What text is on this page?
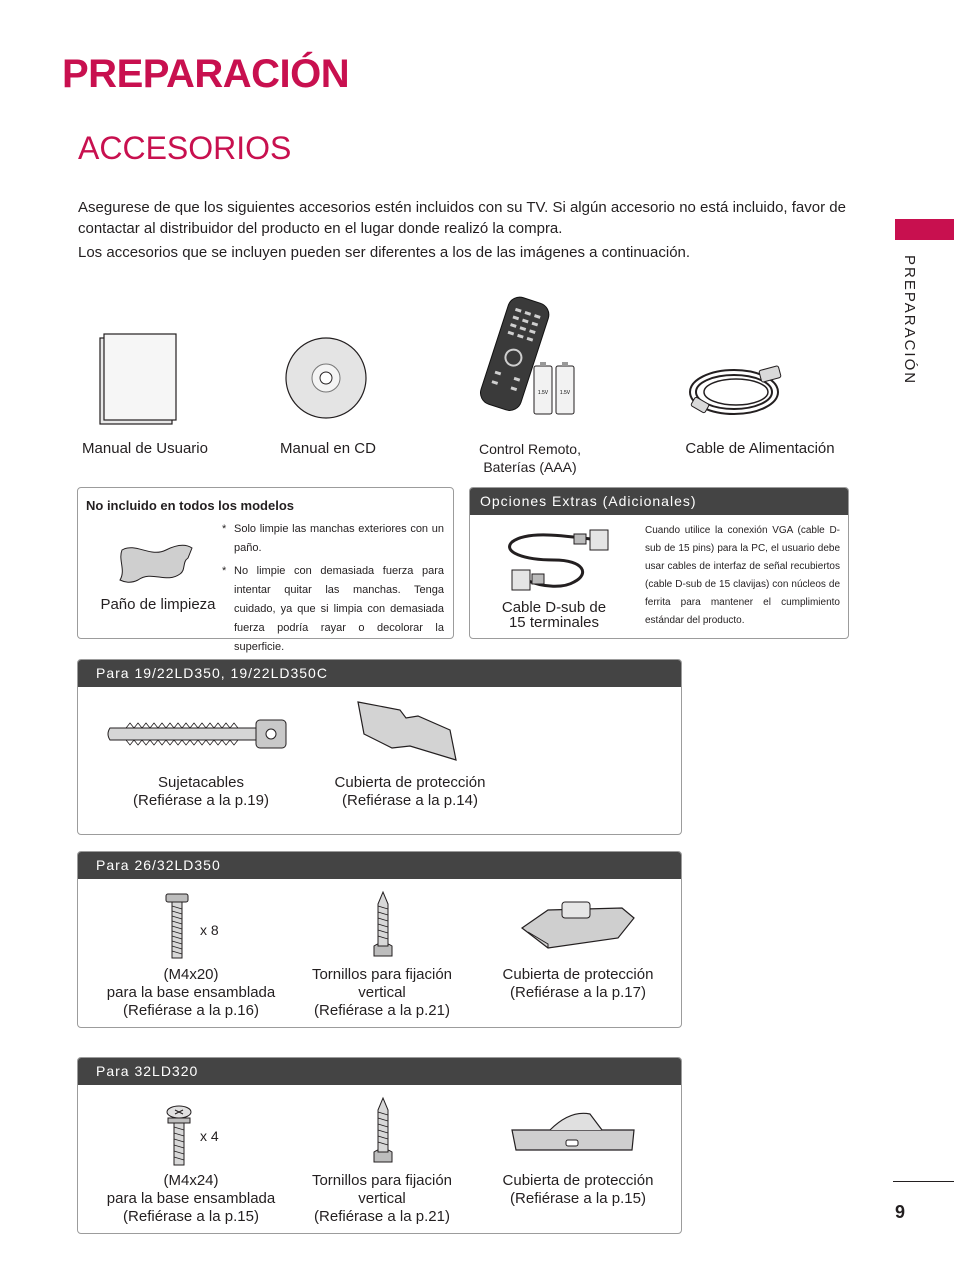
PREPARACIÓN
ACCESORIOS
Asegurese de que los siguientes accesorios estén incluidos con su TV. Si algún accesorio no está incluido, favor de contactar al distribuidor del producto en el lugar donde realizó la compra.
Los accesorios que se incluyen pueden ser diferentes a los de las imágenes a continuación.
PREPARACIÓN
1.5V 1.5V
Manual de Usuario	Manual en CD	Control Remoto,
Baterías (AAA)
Cable de Alimentación
No incluido en todos los modelos
Paño de limpieza

* Solo limpie las manchas exteriores con un paño.

* No limpie con demasiada fuerza para intentar quitar las manchas. Tenga cuidado, ya que si limpia con demasiada fuerza podría rayar o decolorar la superficie.

Opciones Extras (Adicionales)
Cable D-sub de
15 terminales
Cuando utilice la conexión VGA (cable D-sub de 15 pins) para la PC, el usuario debe usar cables de interfaz de señal recubiertos (cable D-sub de 15 clavijas) con núcleos de ferrita para mantener el cumplimiento estándar del producto.
Para 19/22LD350, 19/22LD350C
Sujetacables
(Refiérase a la p.19)
Cubierta de protección
(Refiérase a la p.14)
Para 26/32LD350
x 8
(M4x20)
para la base ensamblada
(Refiérase a la p.16)
Tornillos para fijación
vertical
(Refiérase a la p.21)
Cubierta de protección
(Refiérase a la p.17)
Para 32LD320
x 4
(M4x24)
para la base ensamblada
(Refiérase a la p.15)
Tornillos para fijación
vertical
(Refiérase a la p.21)
Cubierta de protección
(Refiérase a la p.15)
9
